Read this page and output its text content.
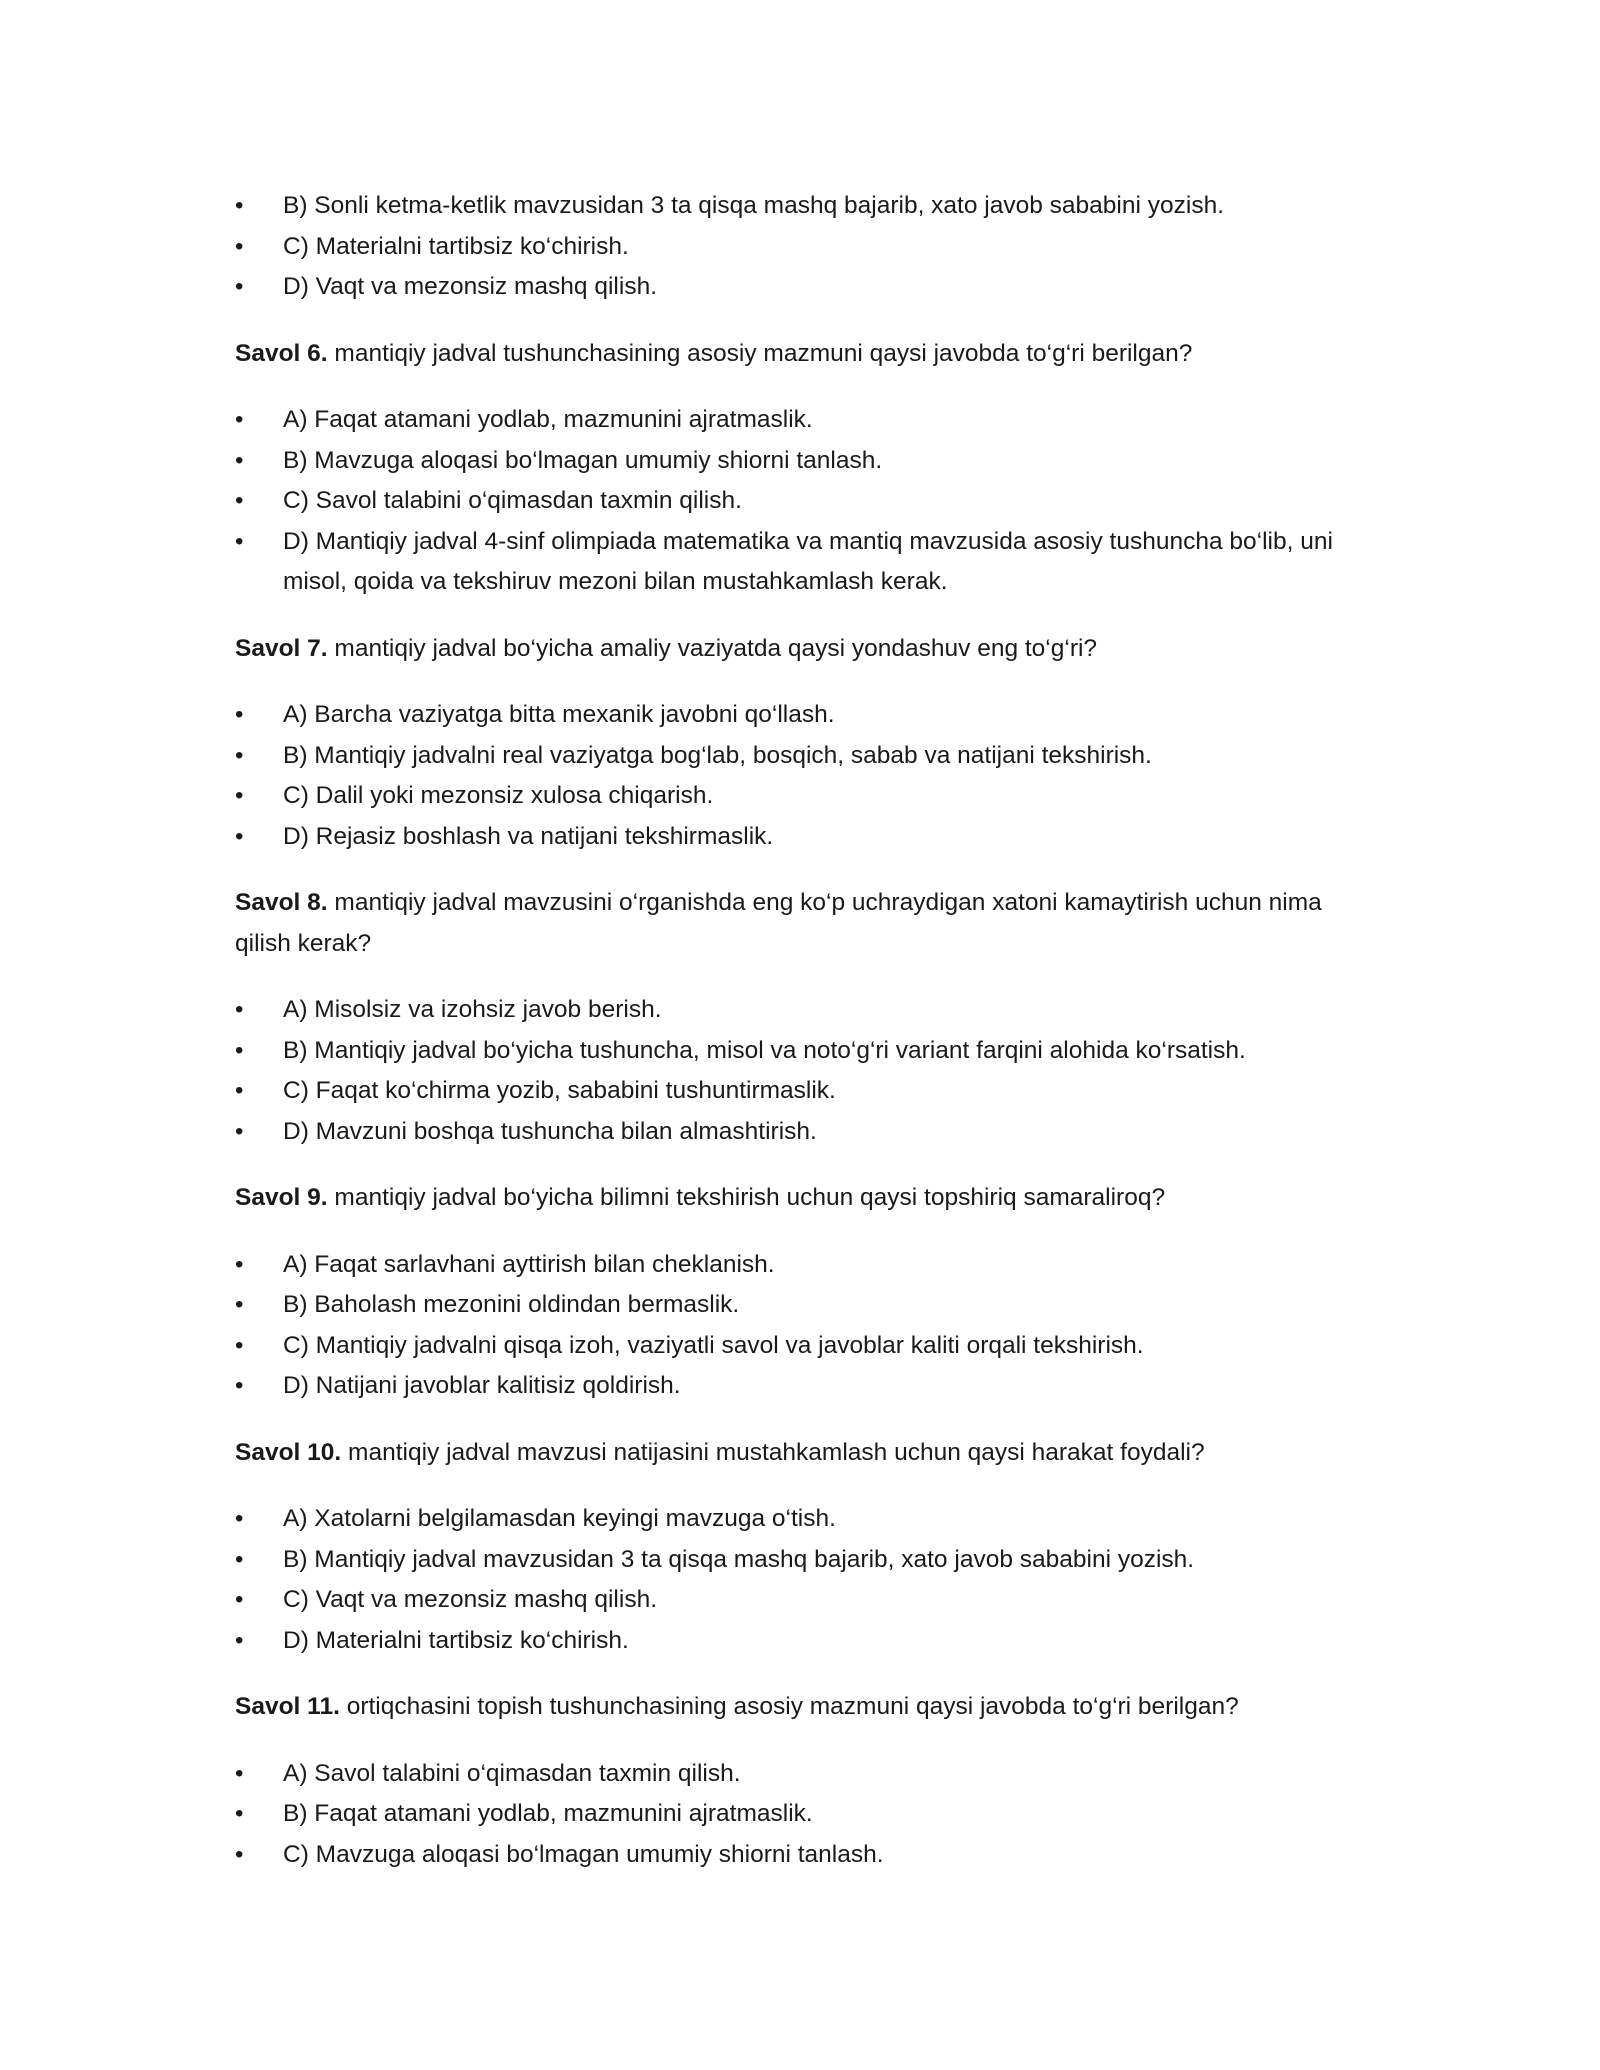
•	B) Sonli ketma-ketlik mavzusidan 3 ta qisqa mashq bajarib, xato javob sababini yozish.
•	C) Materialni tartibsiz ko‘chirish.
•	D) Vaqt va mezonsiz mashq qilish.

Savol 6. mantiqiy jadval tushunchasining asosiy mazmuni qaysi javobda to‘g‘ri berilgan?

•	A) Faqat atamani yodlab, mazmunini ajratmaslik.
•	B) Mavzuga aloqasi bo‘lmagan umumiy shiorni tanlash.
•	C) Savol talabini o‘qimasdan taxmin qilish.
•	D) Mantiqiy jadval 4-sinf olimpiada matematika va mantiq mavzusida asosiy tushuncha bo‘lib, uni misol, qoida va tekshiruv mezoni bilan mustahkamlash kerak.

Savol 7. mantiqiy jadval bo‘yicha amaliy vaziyatda qaysi yondashuv eng to‘g‘ri?

•	A) Barcha vaziyatga bitta mexanik javobni qo‘llash.
•	B) Mantiqiy jadvalni real vaziyatga bog‘lab, bosqich, sabab va natijani tekshirish.
•	C) Dalil yoki mezonsiz xulosa chiqarish.
•	D) Rejasiz boshlash va natijani tekshirmaslik.

Savol 8. mantiqiy jadval mavzusini o‘rganishda eng ko‘p uchraydigan xatoni kamaytirish uchun nima qilish kerak?

•	A) Misolsiz va izohsiz javob berish.
•	B) Mantiqiy jadval bo‘yicha tushuncha, misol va noto‘g‘ri variant farqini alohida ko‘rsatish.
•	C) Faqat ko‘chirma yozib, sababini tushuntirmaslik.
•	D) Mavzuni boshqa tushuncha bilan almashtirish.

Savol 9. mantiqiy jadval bo‘yicha bilimni tekshirish uchun qaysi topshiriq samaraliroq?

•	A) Faqat sarlavhani ayttirish bilan cheklanish.
•	B) Baholash mezonini oldindan bermaslik.
•	C) Mantiqiy jadvalni qisqa izoh, vaziyatli savol va javoblar kaliti orqali tekshirish.
•	D) Natijani javoblar kalitisiz qoldirish.

Savol 10. mantiqiy jadval mavzusi natijasini mustahkamlash uchun qaysi harakat foydali?

•	A) Xatolarni belgilamasdan keyingi mavzuga o‘tish.
•	B) Mantiqiy jadval mavzusidan 3 ta qisqa mashq bajarib, xato javob sababini yozish.
•	C) Vaqt va mezonsiz mashq qilish.
•	D) Materialni tartibsiz ko‘chirish.

Savol 11. ortiqchasini topish tushunchasining asosiy mazmuni qaysi javobda to‘g‘ri berilgan?

•	A) Savol talabini o‘qimasdan taxmin qilish.
•	B) Faqat atamani yodlab, mazmunini ajratmaslik.
•	C) Mavzuga aloqasi bo‘lmagan umumiy shiorni tanlash.
